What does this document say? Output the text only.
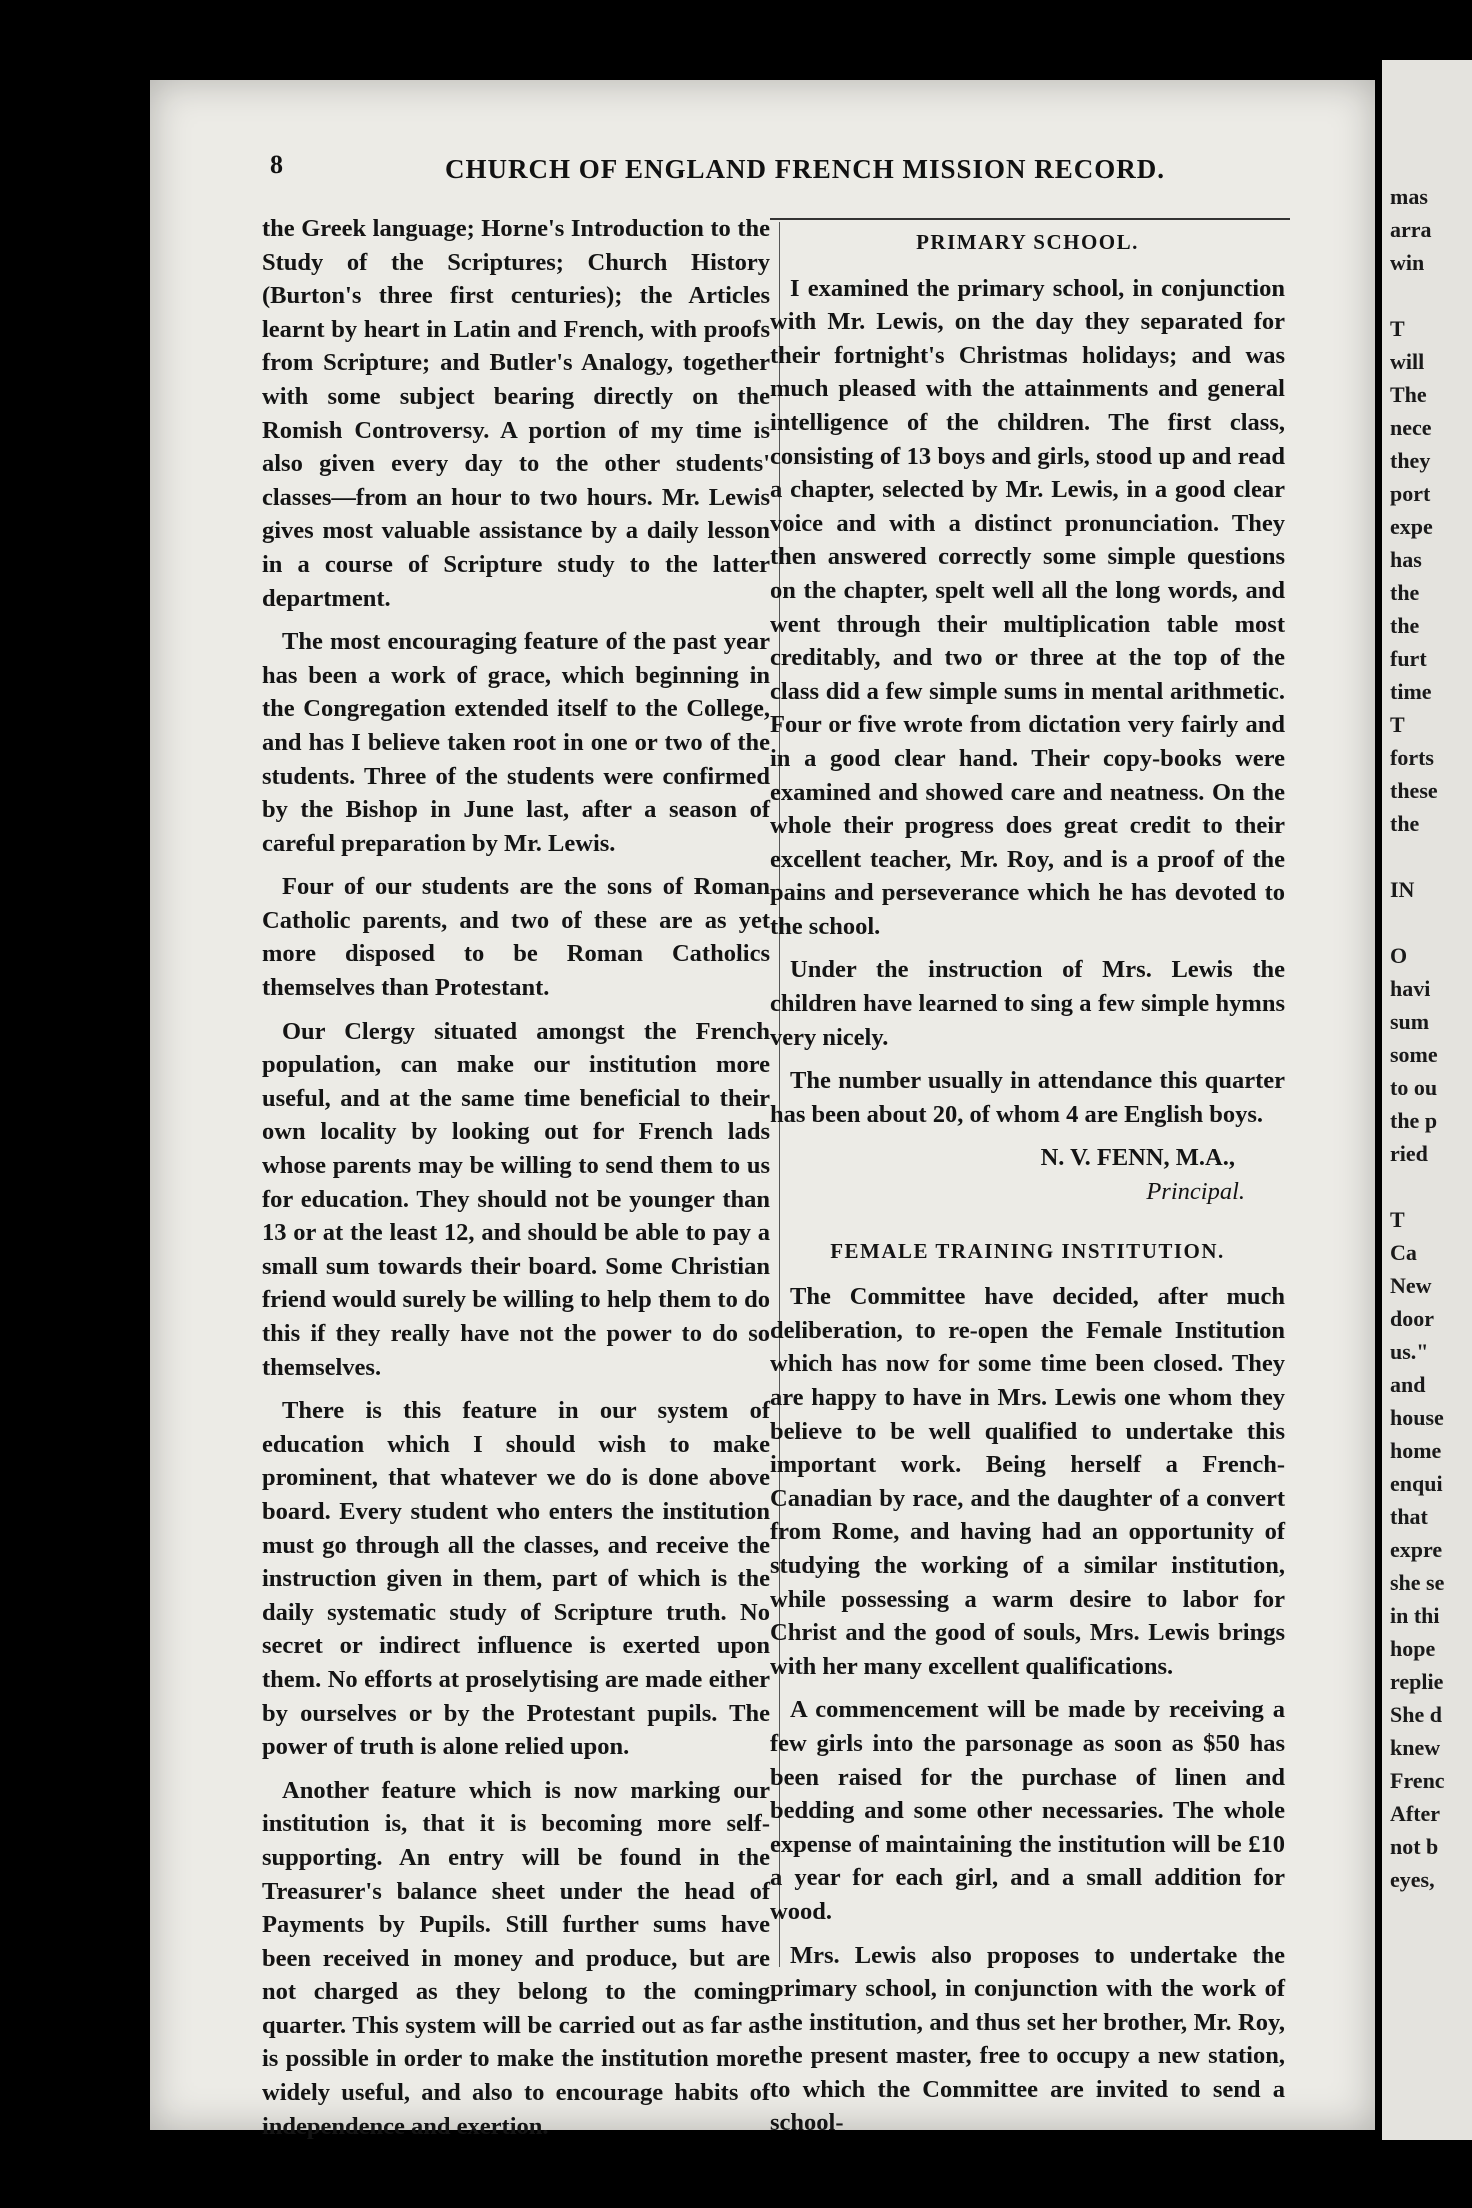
mas
arra
win

T
will
The
nece
they
port
expe
has
the
the
furt
time
T
forts
these
the

IN

O
havi
sum
some
to ou
the p
ried

T
Ca
New
door
us."
and
house
home
enqui
that
expre
she se
in thi
hope
replie
She d
knew
Frenc
After
not b
eyes,
8	CHURCH OF ENGLAND FRENCH MISSION RECORD.

the Greek language; Horne's Introduction to the Study of the Scriptures; Church History (Burton's three first centuries); the Articles learnt by heart in Latin and French, with proofs from Scripture; and Butler's Analogy, together with some subject bearing directly on the Romish Controversy. A portion of my time is also given every day to the other students' classes—from an hour to two hours. Mr. Lewis gives most valuable assistance by a daily lesson in a course of Scripture study to the latter department.

The most encouraging feature of the past year has been a work of grace, which beginning in the Congregation extended itself to the College, and has I believe taken root in one or two of the students. Three of the students were confirmed by the Bishop in June last, after a season of careful preparation by Mr. Lewis.

Four of our students are the sons of Roman Catholic parents, and two of these are as yet more disposed to be Roman Catholics themselves than Protestant.

Our Clergy situated amongst the French population, can make our institution more useful, and at the same time beneficial to their own locality by looking out for French lads whose parents may be willing to send them to us for education. They should not be younger than 13 or at the least 12, and should be able to pay a small sum towards their board. Some Christian friend would surely be willing to help them to do this if they really have not the power to do so themselves.

There is this feature in our system of education which I should wish to make prominent, that whatever we do is done above board. Every student who enters the institution must go through all the classes, and receive the instruction given in them, part of which is the daily systematic study of Scripture truth. No secret or indirect influence is exerted upon them. No efforts at proselytising are made either by ourselves or by the Protestant pupils. The power of truth is alone relied upon.

Another feature which is now marking our institution is, that it is becoming more self-supporting. An entry will be found in the Treasurer's balance sheet under the head of Payments by Pupils. Still further sums have been received in money and produce, but are not charged as they belong to the coming quarter. This system will be carried out as far as is possible in order to make the institution more widely useful, and also to encourage habits of independence and exertion.

PRIMARY SCHOOL.

I examined the primary school, in conjunction with Mr. Lewis, on the day they separated for their fortnight's Christmas holidays; and was much pleased with the attainments and general intelligence of the children. The first class, consisting of 13 boys and girls, stood up and read a chapter, selected by Mr. Lewis, in a good clear voice and with a distinct pronunciation. They then answered correctly some simple questions on the chapter, spelt well all the long words, and went through their multiplication table most creditably, and two or three at the top of the class did a few simple sums in mental arithmetic. Four or five wrote from dictation very fairly and in a good clear hand. Their copy-books were examined and showed care and neatness. On the whole their progress does great credit to their excellent teacher, Mr. Roy, and is a proof of the pains and perseverance which he has devoted to the school.

Under the instruction of Mrs. Lewis the children have learned to sing a few simple hymns very nicely.

The number usually in attendance this quarter has been about 20, of whom 4 are English boys.

N. V. FENN, M.A.,
Principal.
FEMALE TRAINING INSTITUTION.

The Committee have decided, after much deliberation, to re-open the Female Institution which has now for some time been closed. They are happy to have in Mrs. Lewis one whom they believe to be well qualified to undertake this important work. Being herself a French-Canadian by race, and the daughter of a convert from Rome, and having had an opportunity of studying the working of a similar institution, while possessing a warm desire to labor for Christ and the good of souls, Mrs. Lewis brings with her many excellent qualifications.

A commencement will be made by receiving a few girls into the parsonage as soon as $50 has been raised for the purchase of linen and bedding and some other necessaries. The whole expense of maintaining the institution will be £10 a year for each girl, and a small addition for wood.

Mrs. Lewis also proposes to undertake the primary school, in conjunction with the work of the institution, and thus set her brother, Mr. Roy, the present master, free to occupy a new station, to which the Committee are invited to send a school-
